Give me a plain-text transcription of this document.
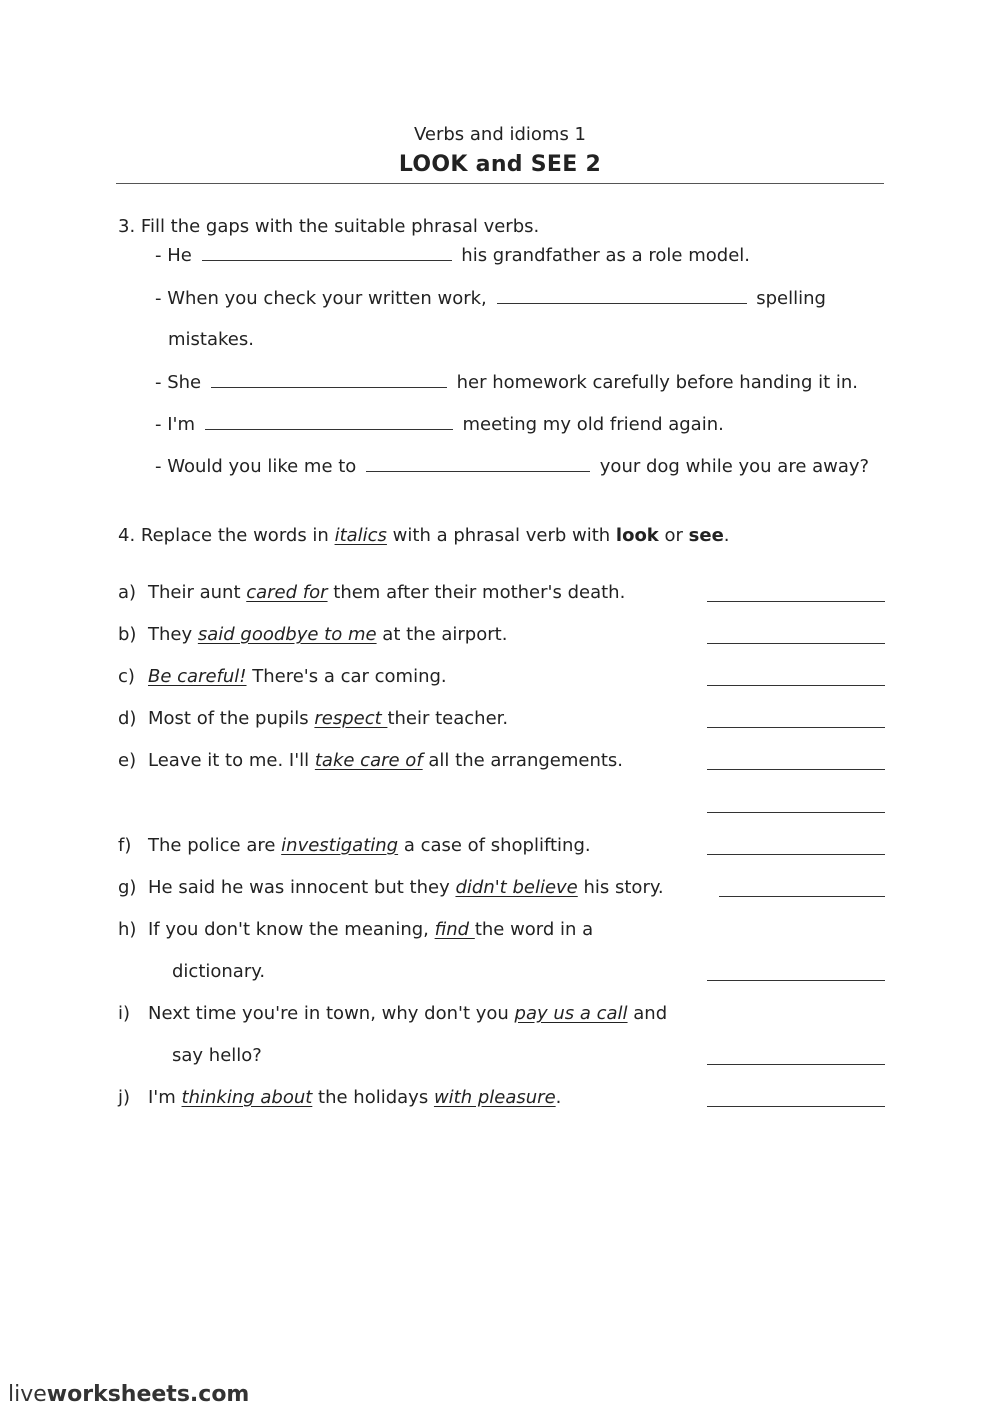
Verbs and idioms 1
LOOK and SEE 2
3. Fill the gaps with the suitable phrasal verbs.
- He	his grandfather as a role model.
- When you check your written work,	spelling
mistakes.
- She	her homework carefully before handing it in.
- I'm	meeting my old friend again.
- Would you like me to	your dog while you are away?
4. Replace the words in italics with a phrasal verb with look or see.
a) Their aunt cared for them after their mother's death.
b) They said goodbye to me at the airport.
c) Be careful! There's a car coming.
d) Most of the pupils respect their teacher.
e) Leave it to me. I'll take care of all the arrangements.
f) The police are investigating a case of shoplifting.
g) He said he was innocent but they didn't believe his story.
h) If you don't know the meaning, find the word in a
dictionary.
i) Next time you're in town, why don't you pay us a call and
say hello?
j) I'm thinking about the holidays with pleasure.
liveworksheets.com
